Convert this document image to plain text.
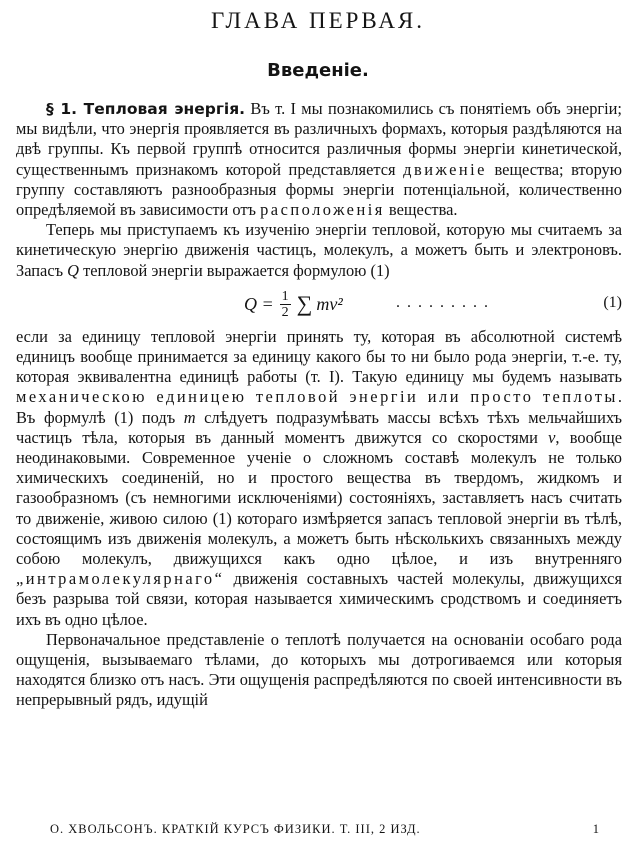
ГЛАВА ПЕРВАЯ.
Введеніе.

§ 1. Тепловая энергія. Въ т. I мы познакомились съ понятіемъ объ энергіи; мы видѣли, что энергія проявляется въ различныхъ формахъ, которыя раздѣляются на двѣ группы. Къ первой группѣ относится различныя формы энергіи кинетической, существеннымъ признакомъ которой представляется движеніе вещества; вторую группу составляютъ разнообразныя формы энергіи потенціальной, количественно опредѣляемой въ зависимости отъ расположенія вещества.

Теперь мы приступаемъ къ изученію энергіи тепловой, которую мы считаемъ за кинетическую энергію движенія частицъ, молекулъ, а можетъ быть и электроновъ. Запасъ Q тепловой энергіи выражается формулою (1)

$Q = \frac{1}{2}$ ∑ mv²	.........	(1)

если за единицу тепловой энергіи принять ту, которая въ абсолютной системѣ единицъ вообще принимается за единицу какого бы то ни было рода энергіи, т.-е. ту, которая эквивалентна единицѣ работы (т. I). Такую единицу мы будемъ называть механическою единицею тепловой энергіи или просто теплоты. Въ формулѣ (1) подъ m слѣдуетъ подразумѣвать массы всѣхъ тѣхъ мельчайшихъ частицъ тѣла, которыя въ данный моментъ движутся со скоростями v, вообще неодинаковыми. Современное ученіе о сложномъ составѣ молекулъ не только химическихъ соединеній, но и простого вещества въ твердомъ, жидкомъ и газообразномъ (съ немногими исключеніями) состояніяхъ, заставляетъ насъ считать то движеніе, живою силою (1) котораго измѣряется запасъ тепловой энергіи въ тѣлѣ, состоящимъ изъ движенія молекулъ, а можетъ быть нѣсколькихъ связанныхъ между собою молекулъ, движущихся какъ одно цѣлое, и изъ внутренняго „интрамолекулярнаго“ движенія составныхъ частей молекулы, движущихся безъ разрыва той связи, которая называется химическимъ сродствомъ и соединяетъ ихъ въ одно цѣлое.

Первоначальное представленіе о теплотѣ получается на основаніи особаго рода ощущенія, вызываемаго тѣлами, до которыхъ мы дотрогиваемся или которыя находятся близко отъ насъ. Эти ощущенія распредѣляются по своей интенсивности въ непрерывный рядъ, идущій

О. ХВОЛЬСОНЪ. КРАТКІЙ КУРСЪ ФИЗИКИ. Т. III, 2 ИЗД.	1
